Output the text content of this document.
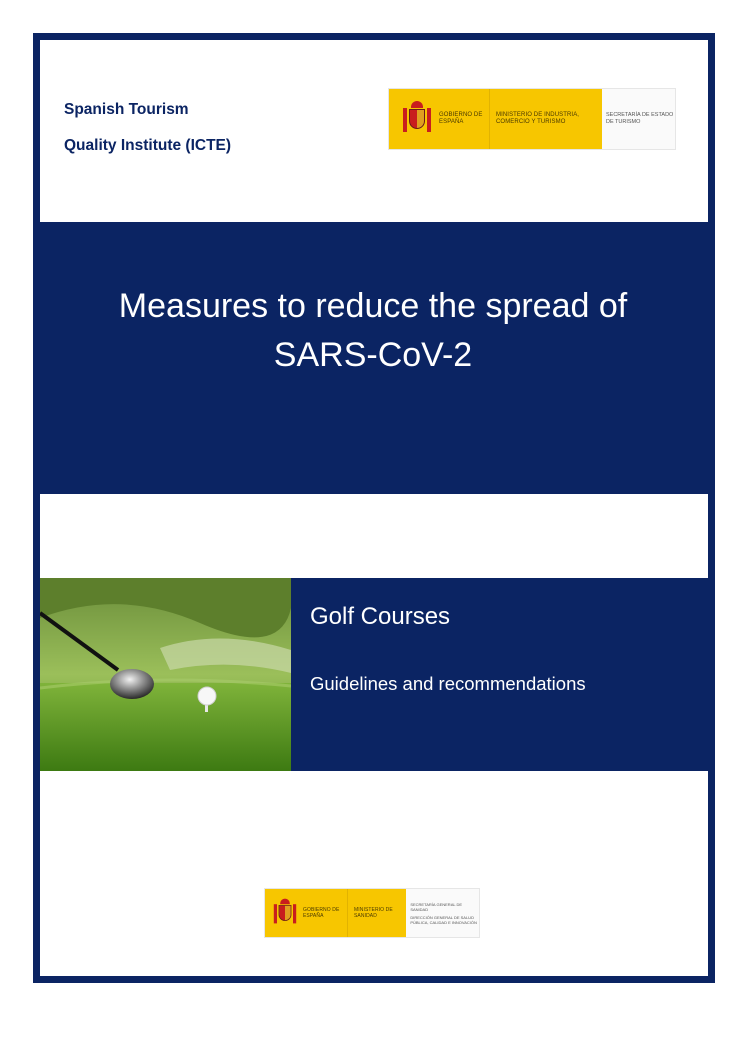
Spanish Tourism
Quality Institute (ICTE)
GOBIERNO DE ESPAÑA
MINISTERIO DE INDUSTRIA, COMERCIO Y TURISMO
SECRETARÍA DE ESTADO DE TURISMO
Measures to reduce the spread of
SARS-CoV-2
Golf Courses
Guidelines and recommendations
GOBIERNO DE ESPAÑA
MINISTERIO DE SANIDAD
SECRETARÍA GENERAL DE SANIDAD
DIRECCIÓN GENERAL DE SALUD PÚBLICA, CALIDAD E INNOVACIÓN
